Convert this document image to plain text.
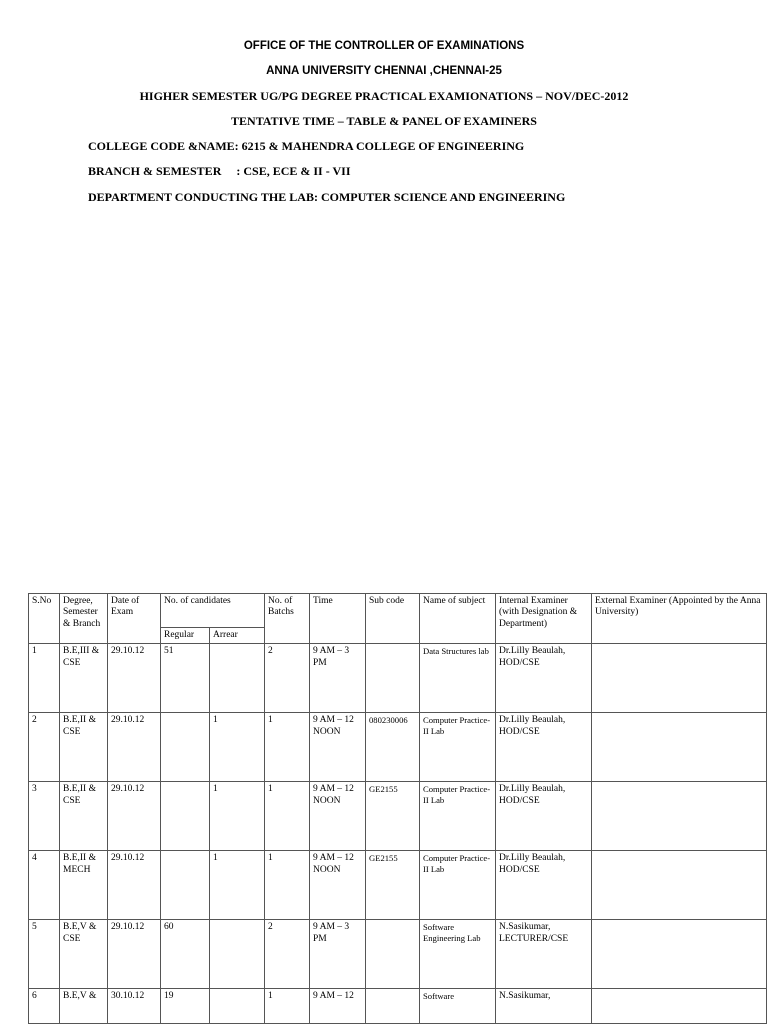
OFFICE OF THE CONTROLLER OF EXAMINATIONS
ANNA UNIVERSITY CHENNAI ,CHENNAI-25
HIGHER SEMESTER UG/PG DEGREE PRACTICAL EXAMIONATIONS – NOV/DEC-2012
TENTATIVE TIME – TABLE & PANEL OF EXAMINERS
COLLEGE CODE &NAME: 6215 & MAHENDRA COLLEGE OF ENGINEERING
BRANCH & SEMESTER     : CSE, ECE & II - VII
DEPARTMENT CONDUCTING THE LAB: COMPUTER SCIENCE AND ENGINEERING
S.No	Degree, Semester & Branch	Date of Exam	No. of candidates		No. of Batchs	Time	Sub code	Name of subject	Internal Examiner (with Designation & Department)	External Examiner (Appointed by the Anna University)
			Regular	Arrear						
1	B.E,III & CSE	29.10.12	51		2	9 AM – 3 PM		Data Structures lab	Dr.Lilly Beaulah, HOD/CSE	
2	B.E,II & CSE	29.10.12		1	1	9 AM – 12 NOON	080230006	Computer Practice-II Lab	Dr.Lilly Beaulah, HOD/CSE	
3	B.E,II & CSE	29.10.12		1	1	9 AM – 12 NOON	GE2155	Computer Practice-II Lab	Dr.Lilly Beaulah, HOD/CSE	
4	B.E,II & MECH	29.10.12		1	1	9 AM – 12 NOON	GE2155	Computer Practice-II Lab	Dr.Lilly Beaulah, HOD/CSE	
5	B.E,V & CSE	29.10.12	60		2	9 AM – 3 PM		Software Engineering Lab	N.Sasikumar, LECTURER/CSE	
6	B.E,V &	30.10.12	19		1	9 AM – 12		Software	N.Sasikumar,	
